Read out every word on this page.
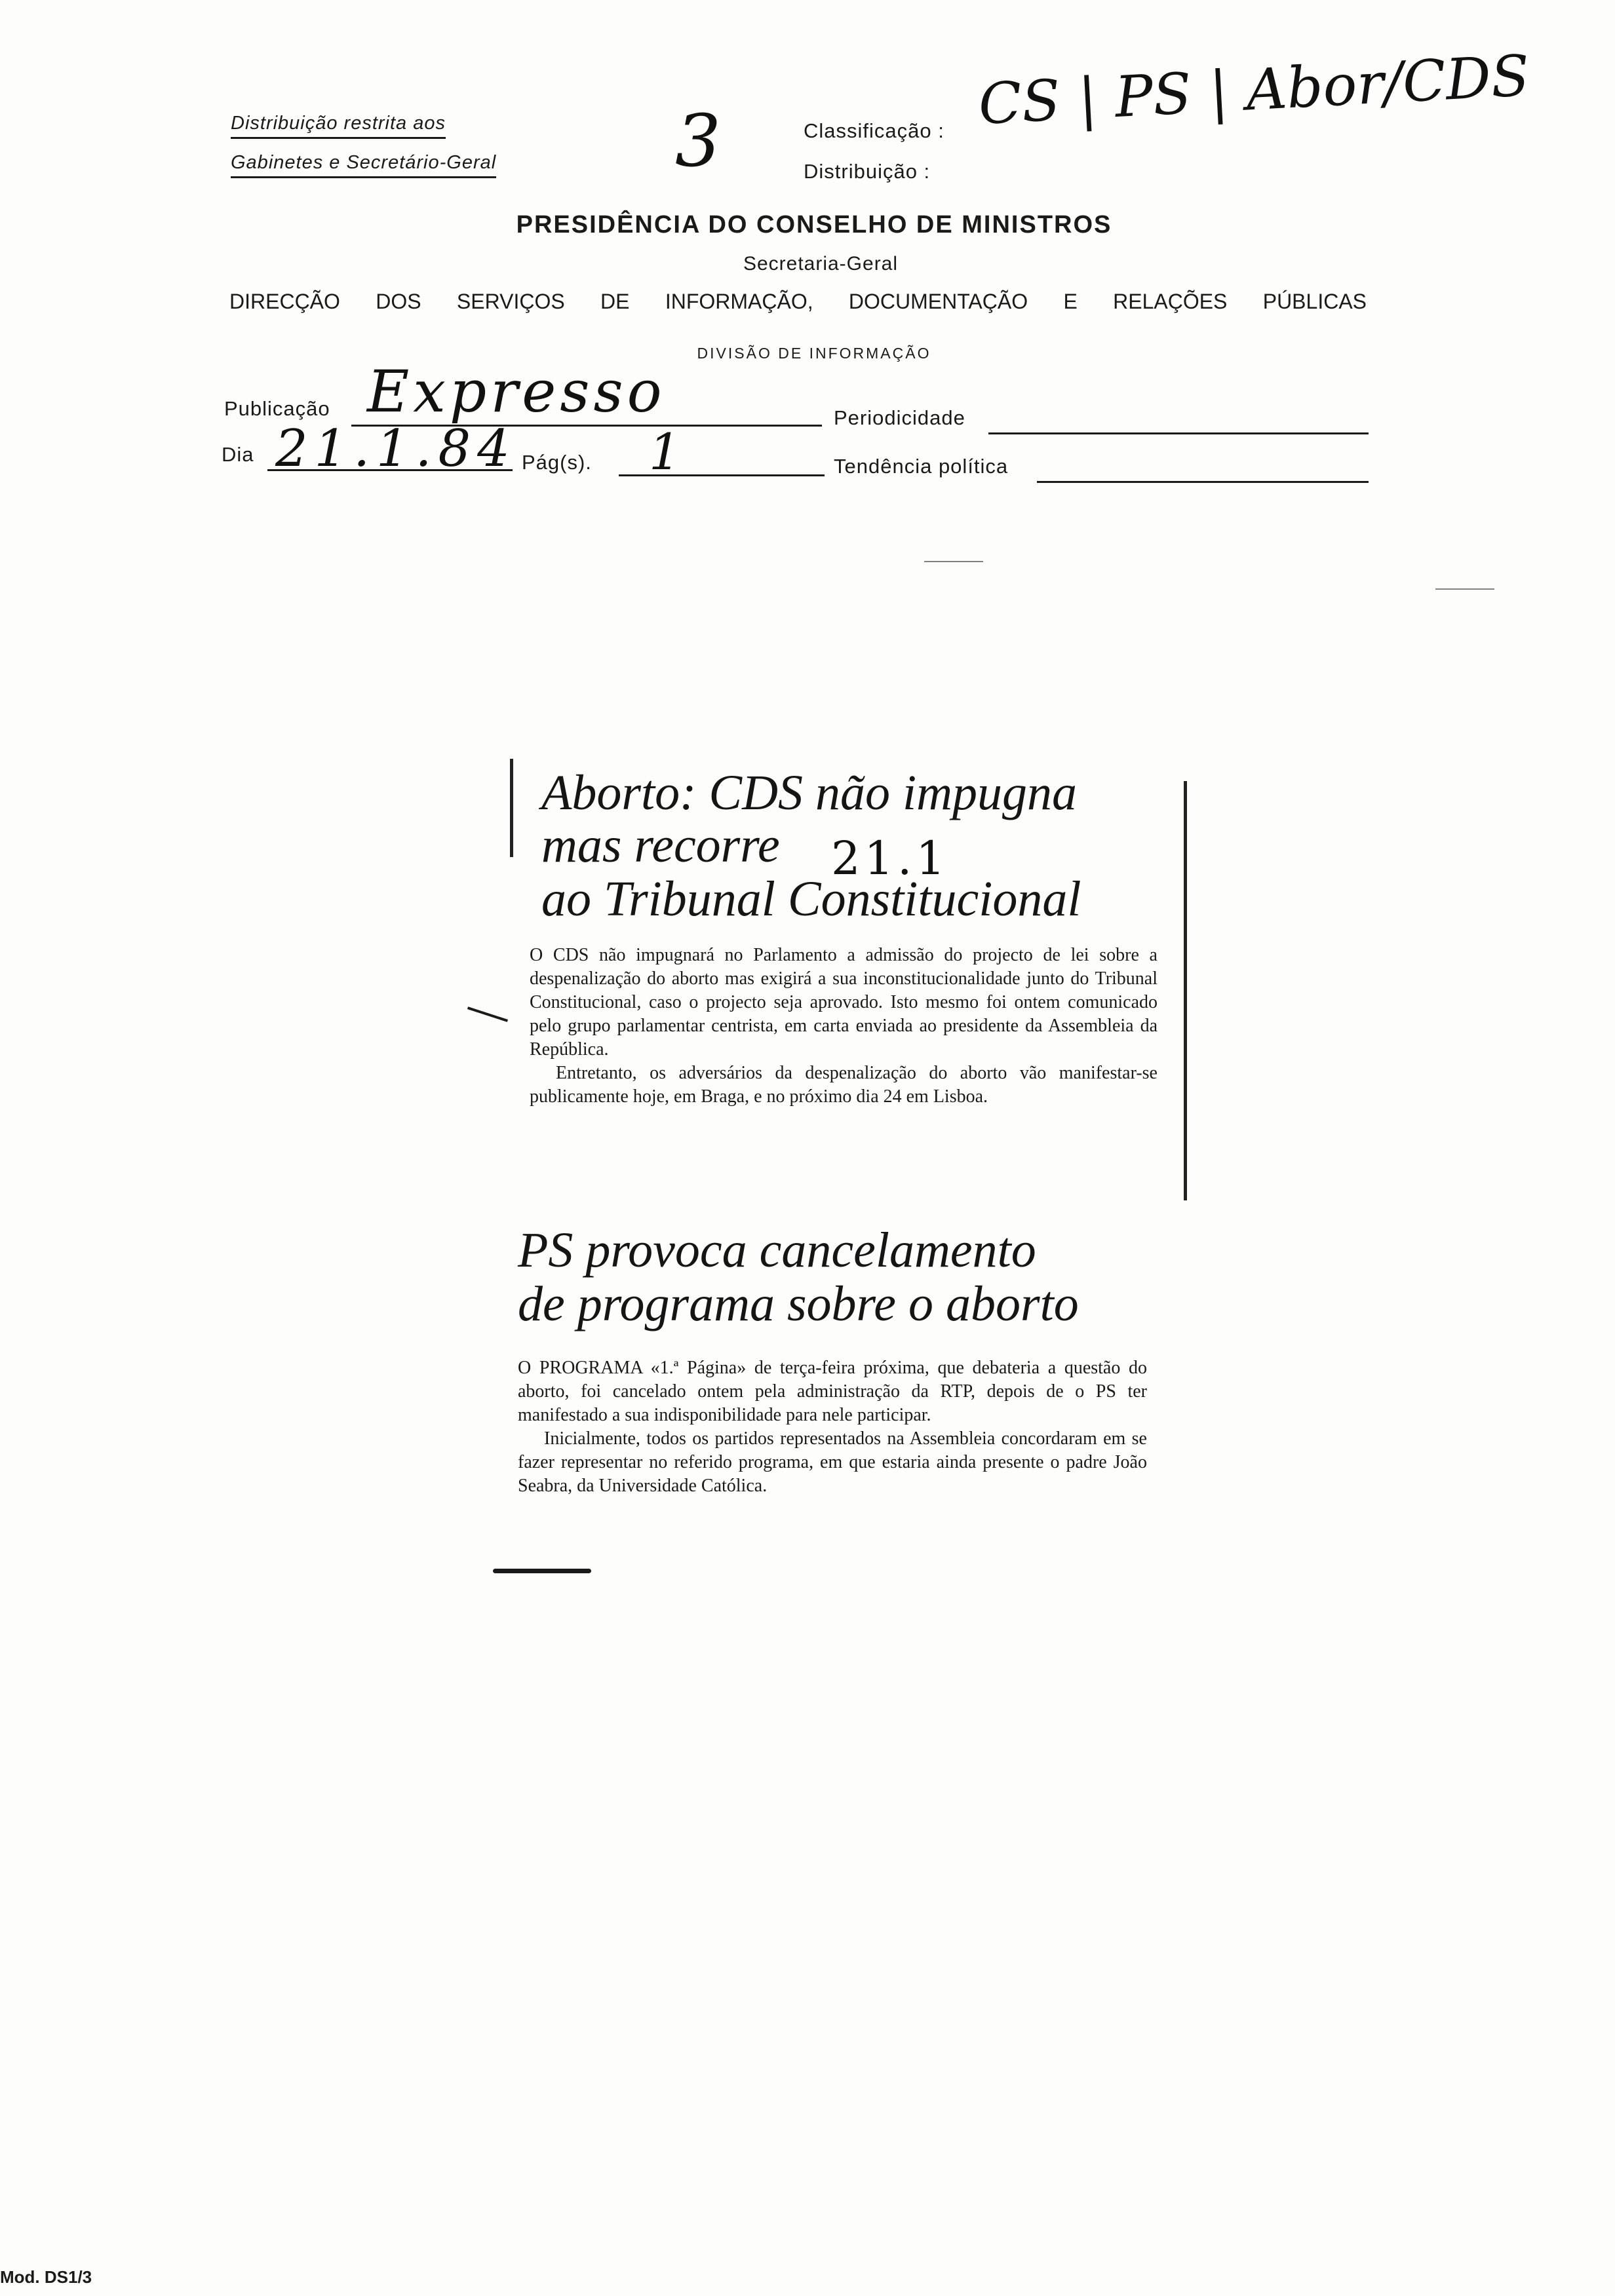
Distribuição restrita aos
Gabinetes e Secretário-Geral 3	Classificação :
Distribuição :
CS | PS | Abor/CDS
PRESIDÊNCIA DO CONSELHO DE MINISTROS
Secretaria-Geral
DIRECÇÃO DOS SERVIÇOS DE INFORMAÇÃO, DOCUMENTAÇÃO E RELAÇÕES PÚBLICAS
DIVISÃO DE INFORMAÇÃO
Publicação Expresso	Periodicidade
Dia 21.1.84 Pág(s). 1	Tendência política
Aborto: CDS não impugna
mas recorre
ao Tribunal Constitucional
21.1

O CDS não impugnará no Parlamento a admissão do projecto de lei sobre a despenalização do aborto mas exigirá a sua inconstitucionalidade junto do Tribunal Constitucional, caso o projecto seja aprovado. Isto mesmo foi ontem comunicado pelo grupo parlamentar centrista, em carta enviada ao presidente da Assembleia da República.

Entretanto, os adversários da despenalização do aborto vão manifestar-se publicamente hoje, em Braga, e no próximo dia 24 em Lisboa.

PS provoca cancelamento
de programa sobre o aborto

O PROGRAMA «1.ª Página» de terça-feira próxima, que debateria a questão do aborto, foi cancelado ontem pela administração da RTP, depois de o PS ter manifestado a sua indisponibilidade para nele participar.

Inicialmente, todos os partidos representados na Assembleia concordaram em se fazer representar no referido programa, em que estaria ainda presente o padre João Seabra, da Universidade Católica.

Mod. DS1/3
